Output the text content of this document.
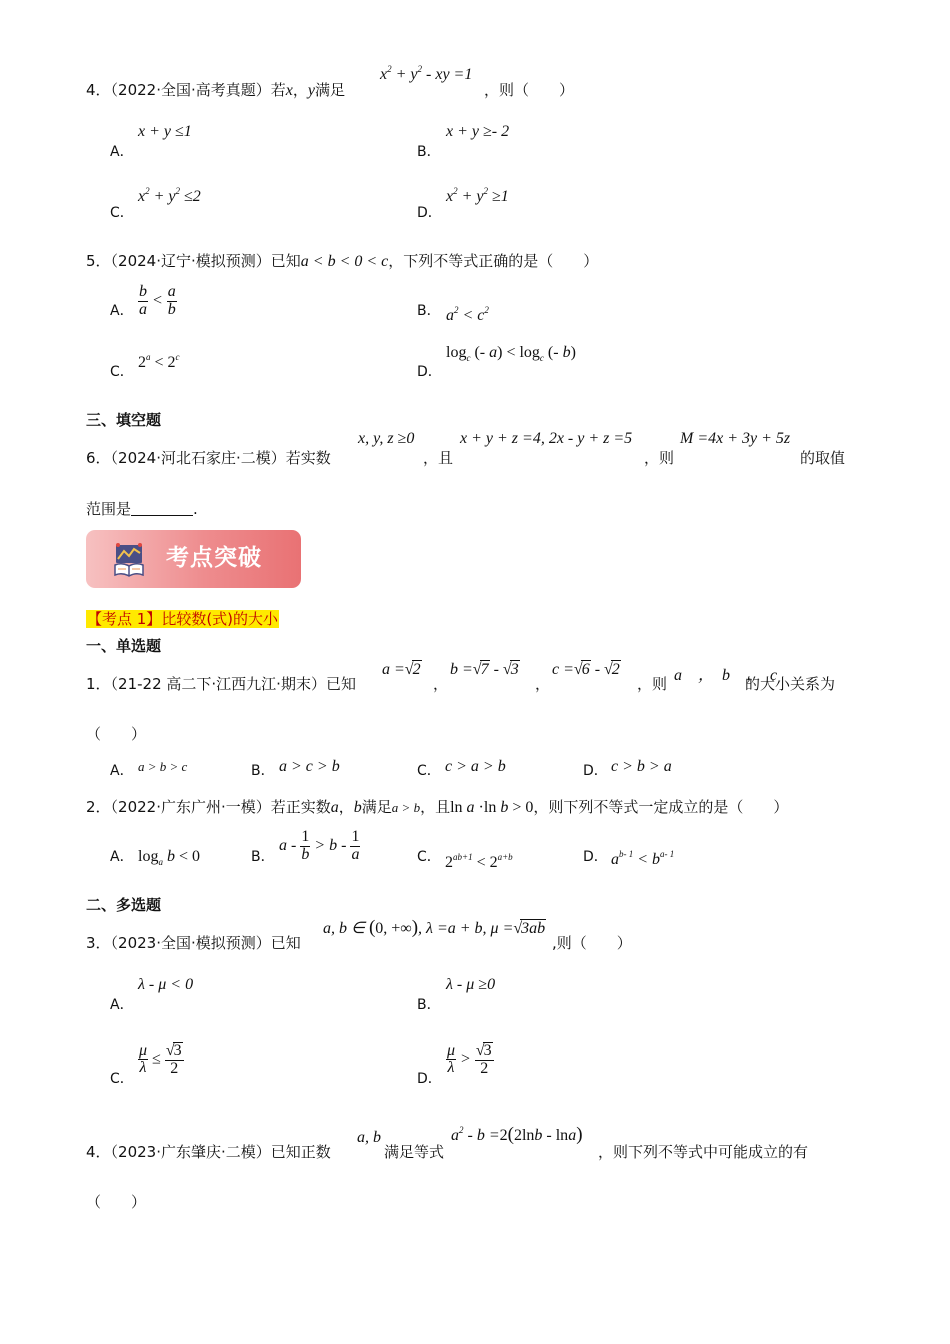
4．（2022·全国·高考真题）若x，y满足
$x^2 + y^2$ - xy =1
，则（　　）
A．
x + y ≤1
B．
x + y ≥- 2
C．
$x^2 + y^2 \le 2$
D．
$x^2 + y^2 \ge 1$
5．（2024·辽宁·模拟预测）已知a < b < 0 < c，下列不等式正确的是（　　）
A． $\frac{b}{a} < \frac{a}{b}$	B． $a^2 < c^2$
C．
$2^a < 2^c$
D．
$\log_c$ (- $a) < \log_c$ (- b)
三、填空题
6．（2024·河北石家庄·二模）若实数
x, y, z ≥0
，且
x + y + z =4, 2x - y + z =5
，则
M =4x + 3y + 5z
的取值
范围是	.
考点突破
【考点 1】比较数(式)的大小
一、单选题
1．（21-22 高二下·江西九江·期末）已知
a =√2
，
b =√7 - √3
，
c =√6 - √2
，则 a　，　b　，　c
的大小关系为
（　　）
A． a > b > c	B． a > c > b	C． c > a > b	D． c > b > a
2．（2022·广东广州·一模）若正实数a，b满足a > b，且ln a ·ln b > 0，则下列不等式一定成立的是（　　）
A． $\log_a b < 0$	B．
$a - \frac{1}{b} > b - \frac{1}{a}$	C． $2^{ab+1} < 2^{a+b}$	D． $a^{b- 1} < b^{a- 1}$
二、多选题
3．（2023·全国·模拟预测）已知
a, b ∈ (0, +∞), λ =a + b, μ =√3ab
,则（　　）
A．
λ - μ < 0
B．
λ - μ ≥0
C．
$\frac{\mu}{\lambda} \le \frac{√3}{2}$
D．
$\frac{\mu}{\lambda} > \frac{√3}{2}$
4．（2023·广东肇庆·二模）已知正数
a, b
满足等式
$a^2 - b =2(2\ln b - \ln a)$
，则下列不等式中可能成立的有
（　　）
